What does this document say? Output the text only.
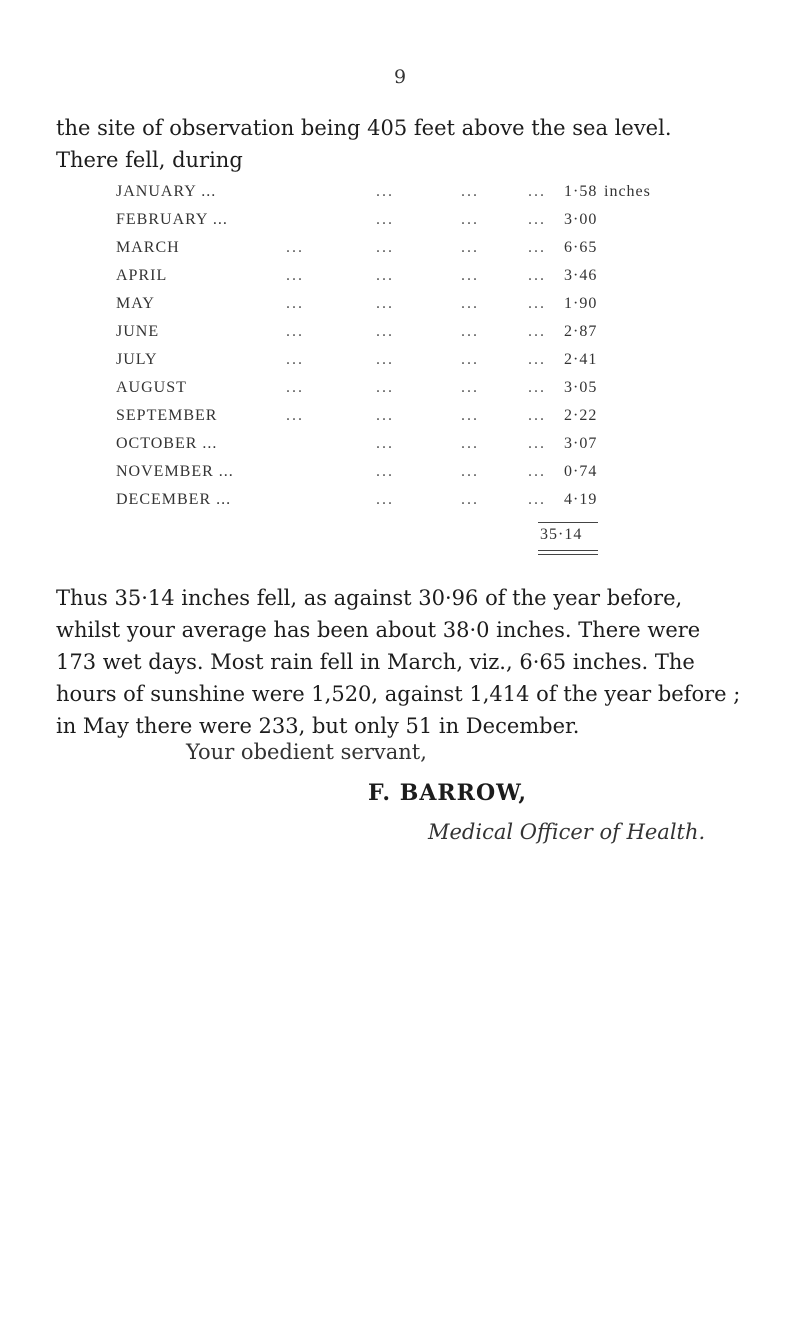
9

the site of observation being 405 feet above the sea level.
There fell, during

JANUARY ...	...	...	... 1·58 inches
FEBRUARY ...	...	...	... 3·00
MARCH	...	...	...	... 6·65
APRIL	...	...	...	... 3·46
MAY	...	...	...	... 1·90
JUNE	...	...	...	... 2·87
JULY	...	...	...	... 2·41
AUGUST	...	...	...	... 3·05
SEPTEMBER	...	...	...	... 2·22
OCTOBER ...	...	...	... 3·07
NOVEMBER ...	...	...	... 0·74
DECEMBER ...	...	...	... 4·19
35·14
Thus 35·14 inches fell, as against 30·96 of the year before,
whilst your average has been about 38·0 inches. There were
173 wet days. Most rain fell in March, viz., 6·65 inches. The
hours of sunshine were 1,520, against 1,414 of the year before ;
in May there were 233, but only 51 in December.
Your obedient servant,
F. BARROW,
Medical Officer of Health.
